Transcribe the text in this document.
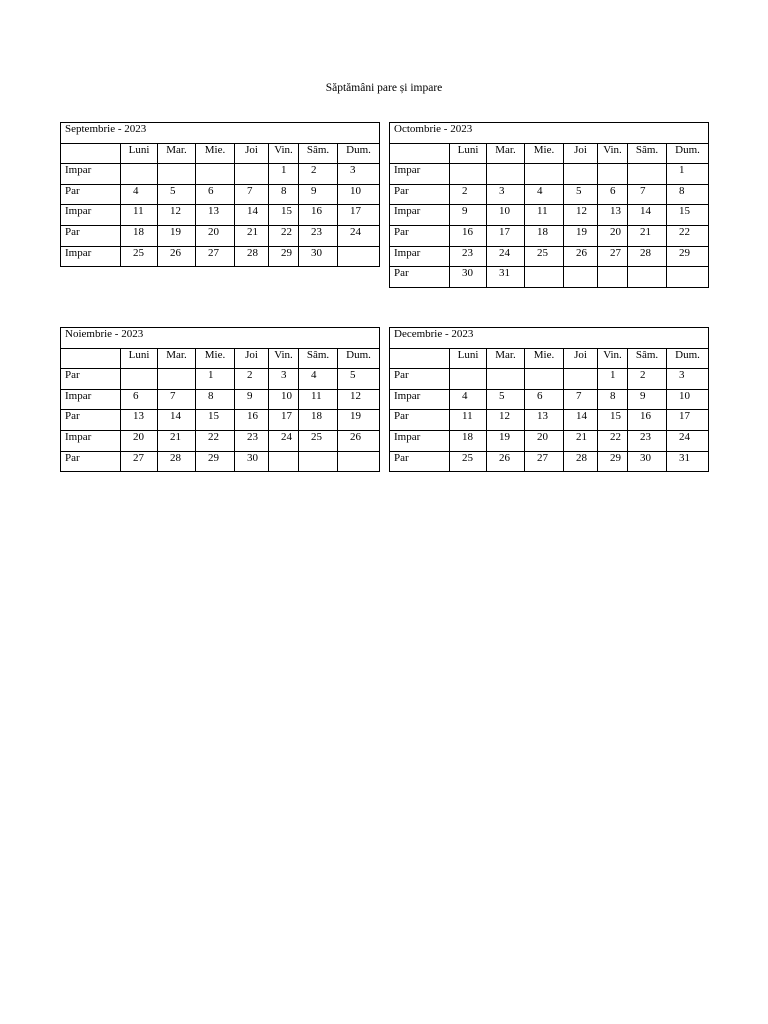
Săptămâni pare și impare
Septembrie - 2023							
	Luni	Mar.	Mie.	Joi	Vin.	Sâm.	Dum.
Impar					1	2	3
Par	4	5	6	7	8	9	10
Impar	11	12	13	14	15	16	17
Par	18	19	20	21	22	23	24
Impar	25	26	27	28	29	30	
Octombrie - 2023							
	Luni	Mar.	Mie.	Joi	Vin.	Sâm.	Dum.
Impar							1
Par	2	3	4	5	6	7	8
Impar	9	10	11	12	13	14	15
Par	16	17	18	19	20	21	22
Impar	23	24	25	26	27	28	29
Par	30	31					
Noiembrie - 2023							
	Luni	Mar.	Mie.	Joi	Vin.	Sâm.	Dum.
Par			1	2	3	4	5
Impar	6	7	8	9	10	11	12
Par	13	14	15	16	17	18	19
Impar	20	21	22	23	24	25	26
Par	27	28	29	30			
Decembrie - 2023							
	Luni	Mar.	Mie.	Joi	Vin.	Sâm.	Dum.
Par					1	2	3
Impar	4	5	6	7	8	9	10
Par	11	12	13	14	15	16	17
Impar	18	19	20	21	22	23	24
Par	25	26	27	28	29	30	31
